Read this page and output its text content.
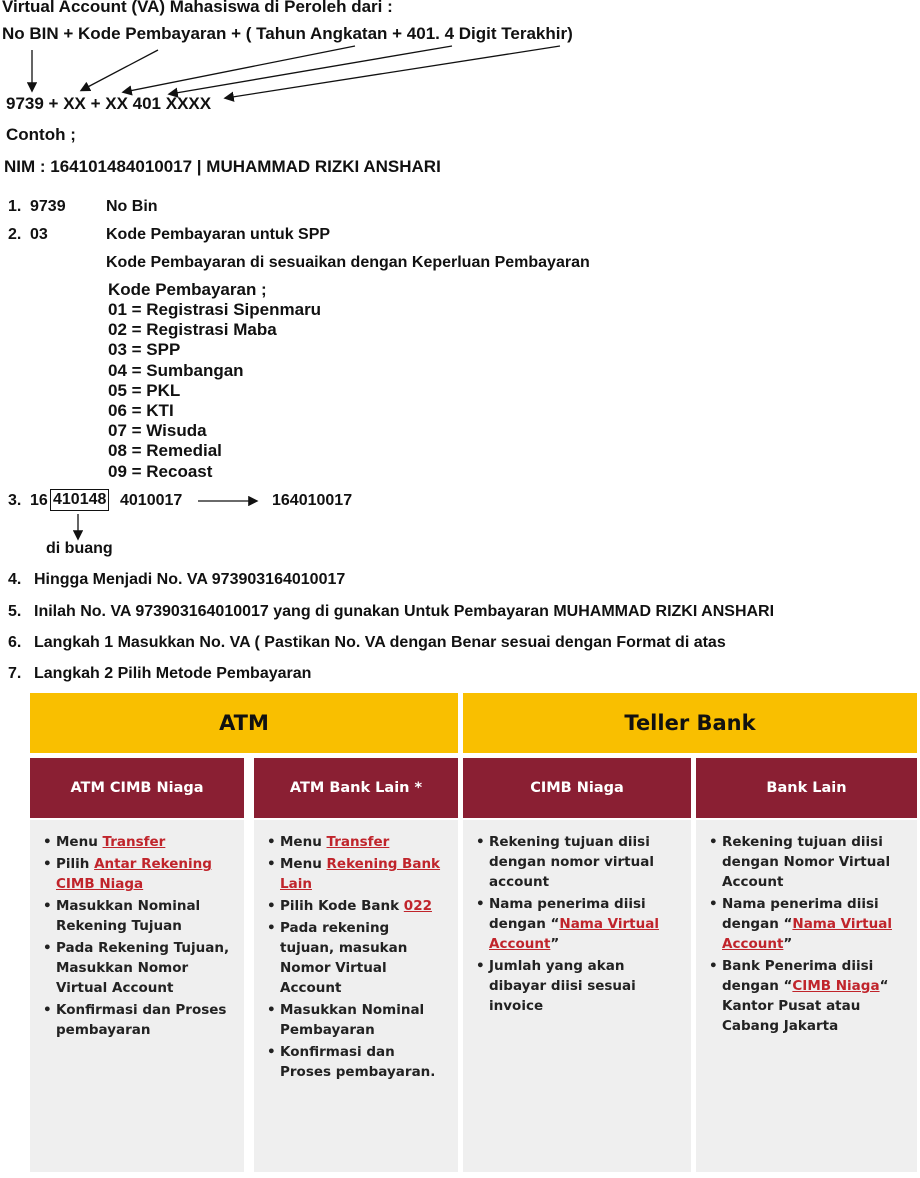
Virtual Account (VA) Mahasiswa di Peroleh dari :
No BIN + Kode Pembayaran + ( Tahun Angkatan + 401. 4 Digit Terakhir)
9739 + XX + XX 401 XXXX
Contoh ;
NIM : 164101484010017 | MUHAMMAD RIZKI ANSHARI
1. 9739	No Bin
2. 03	Kode Pembayaran untuk SPP
Kode Pembayaran di sesuaikan dengan Keperluan Pembayaran
Kode Pembayaran ;
01 = Registrasi Sipenmaru
02 = Registrasi Maba
03 = SPP
04 = Sumbangan
05 = PKL
06 = KTI
07 = Wisuda
08 = Remedial
09 = Recoast
3. 16 410148 4010017	164010017
di buang
4. Hingga Menjadi No. VA 973903164010017
5. Inilah No. VA 973903164010017 yang di gunakan Untuk Pembayaran MUHAMMAD RIZKI ANSHARI
6. Langkah 1 Masukkan No. VA ( Pastikan No. VA dengan Benar sesuai dengan Format di atas
7. Langkah 2 Pilih Metode Pembayaran
ATM	Teller Bank
ATM CIMB Niaga	ATM Bank Lain *	CIMB Niaga	Bank Lain
• Menu Transfer
• Pilih Antar Rekening CIMB Niaga
• Masukkan Nominal Rekening Tujuan
• Pada Rekening Tujuan, Masukkan Nomor Virtual Account
• Konfirmasi dan Proses pembayaran
• Menu Transfer
• Menu Rekening Bank Lain
• Pilih Kode Bank 022
• Pada rekening tujuan, masukan Nomor Virtual Account
• Masukkan Nominal Pembayaran
• Konfirmasi dan Proses pembayaran.
• Rekening tujuan diisi dengan nomor virtual account
• Nama penerima diisi dengan “Nama Virtual Account”
• Jumlah yang akan dibayar diisi sesuai invoice
• Rekening tujuan diisi dengan Nomor Virtual Account
• Nama penerima diisi dengan “Nama Virtual Account”
• Bank Penerima diisi dengan “CIMB Niaga“ Kantor Pusat atau Cabang Jakarta
